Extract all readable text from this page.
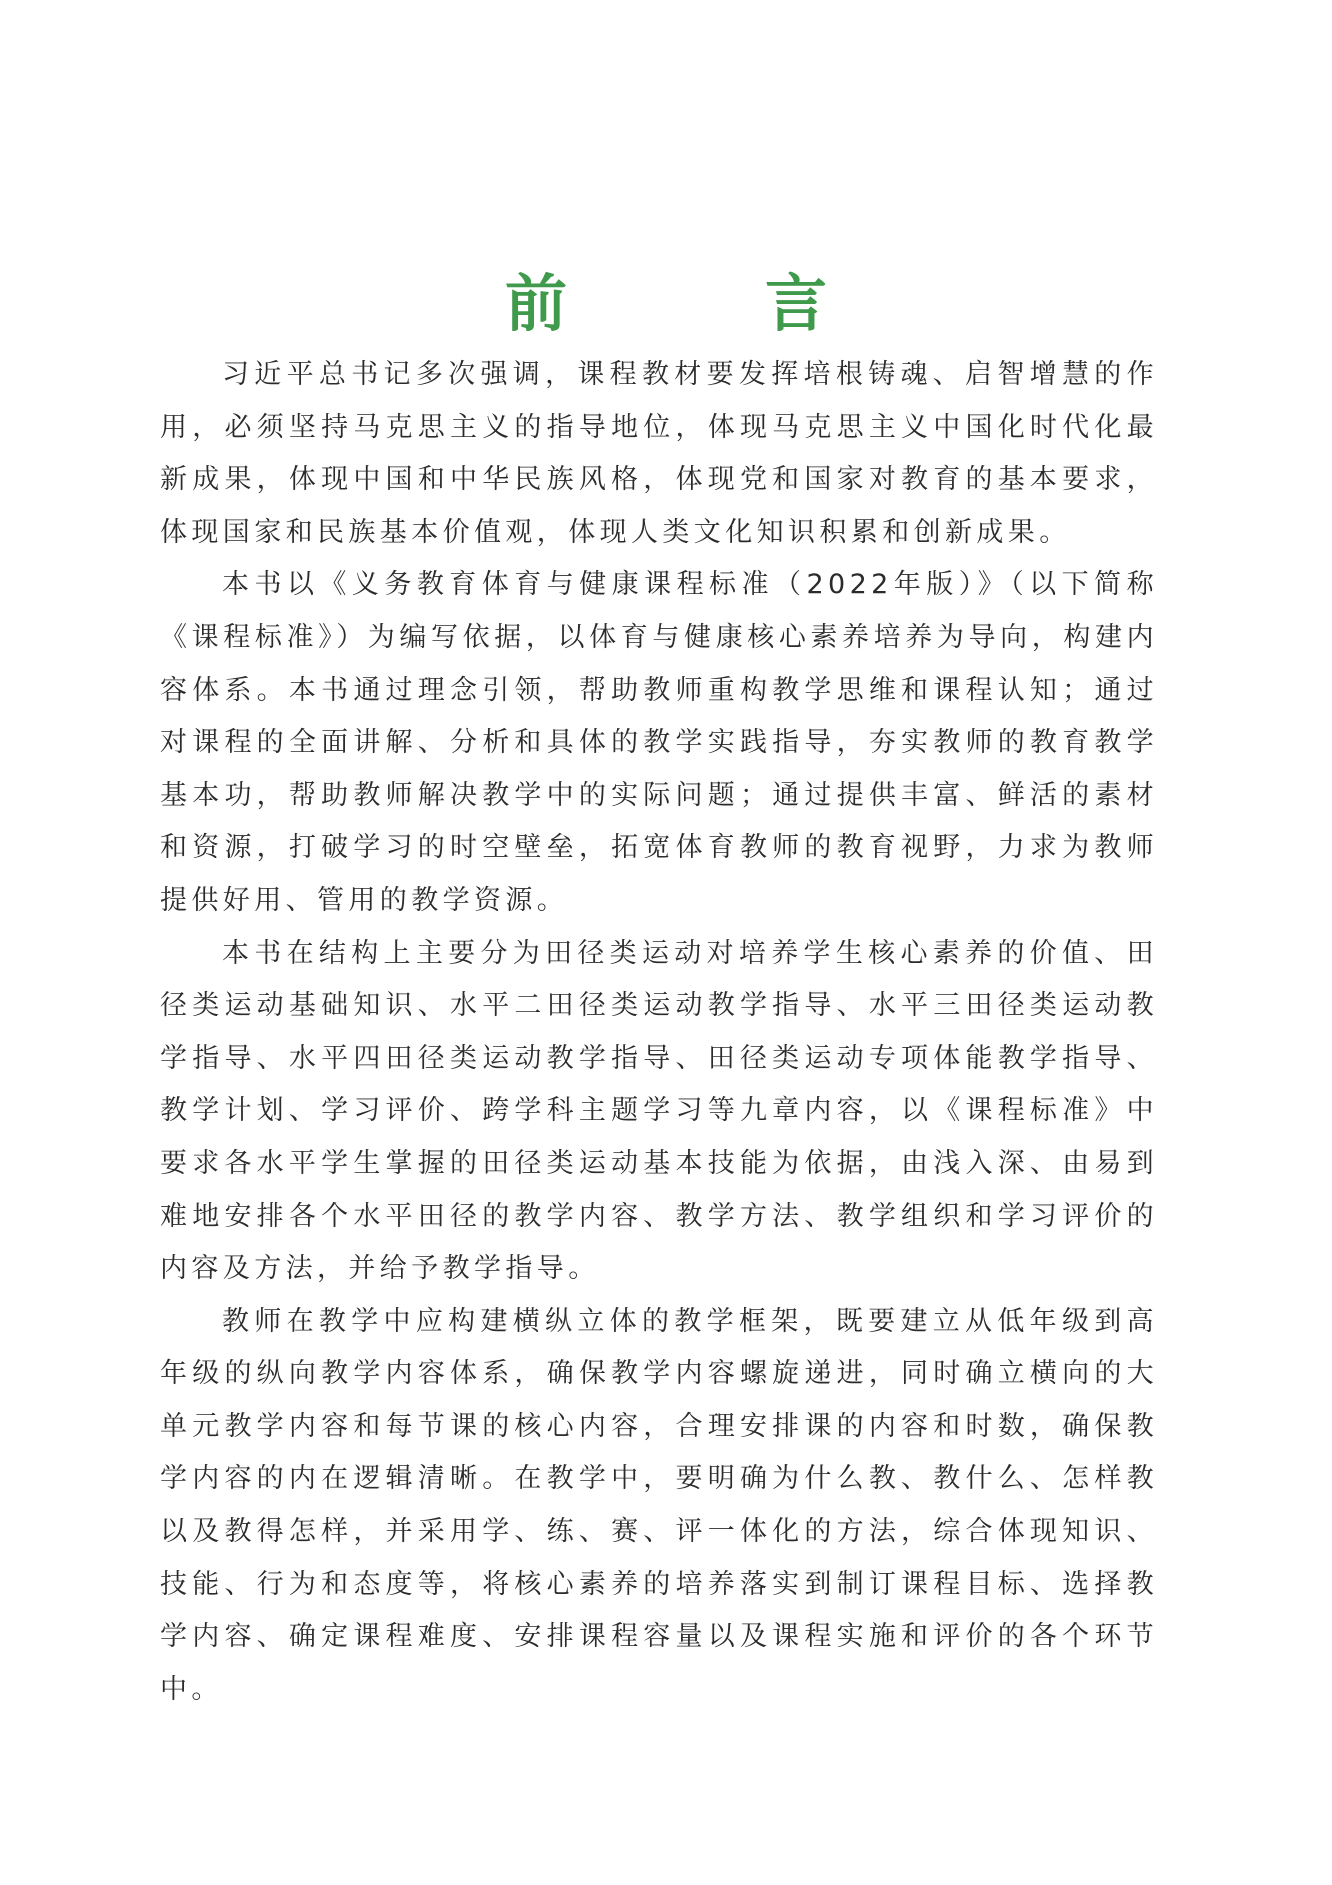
前　言

习近平总书记多次强调，课程教材要发挥培根铸魂、启智增慧的作用，必须坚持马克思主义的指导地位，体现马克思主义中国化时代化最新成果，体现中国和中华民族风格，体现党和国家对教育的基本要求，体现国家和民族基本价值观，体现人类文化知识积累和创新成果。

本书以《义务教育体育与健康课程标准（2022年版）》（以下简称《课程标准》）为编写依据，以体育与健康核心素养培养为导向，构建内容体系。本书通过理念引领，帮助教师重构教学思维和课程认知；通过对课程的全面讲解、分析和具体的教学实践指导，夯实教师的教育教学基本功，帮助教师解决教学中的实际问题；通过提供丰富、鲜活的素材和资源，打破学习的时空壁垒，拓宽体育教师的教育视野，力求为教师提供好用、管用的教学资源。

本书在结构上主要分为田径类运动对培养学生核心素养的价值、田径类运动基础知识、水平二田径类运动教学指导、水平三田径类运动教学指导、水平四田径类运动教学指导、田径类运动专项体能教学指导、教学计划、学习评价、跨学科主题学习等九章内容，以《课程标准》中要求各水平学生掌握的田径类运动基本技能为依据，由浅入深、由易到难地安排各个水平田径的教学内容、教学方法、教学组织和学习评价的内容及方法，并给予教学指导。

教师在教学中应构建横纵立体的教学框架，既要建立从低年级到高年级的纵向教学内容体系，确保教学内容螺旋递进，同时确立横向的大单元教学内容和每节课的核心内容，合理安排课的内容和时数，确保教学内容的内在逻辑清晰。在教学中，要明确为什么教、教什么、怎样教以及教得怎样，并采用学、练、赛、评一体化的方法，综合体现知识、技能、行为和态度等，将核心素养的培养落实到制订课程目标、选择教学内容、确定课程难度、安排课程容量以及课程实施和评价的各个环节中。
